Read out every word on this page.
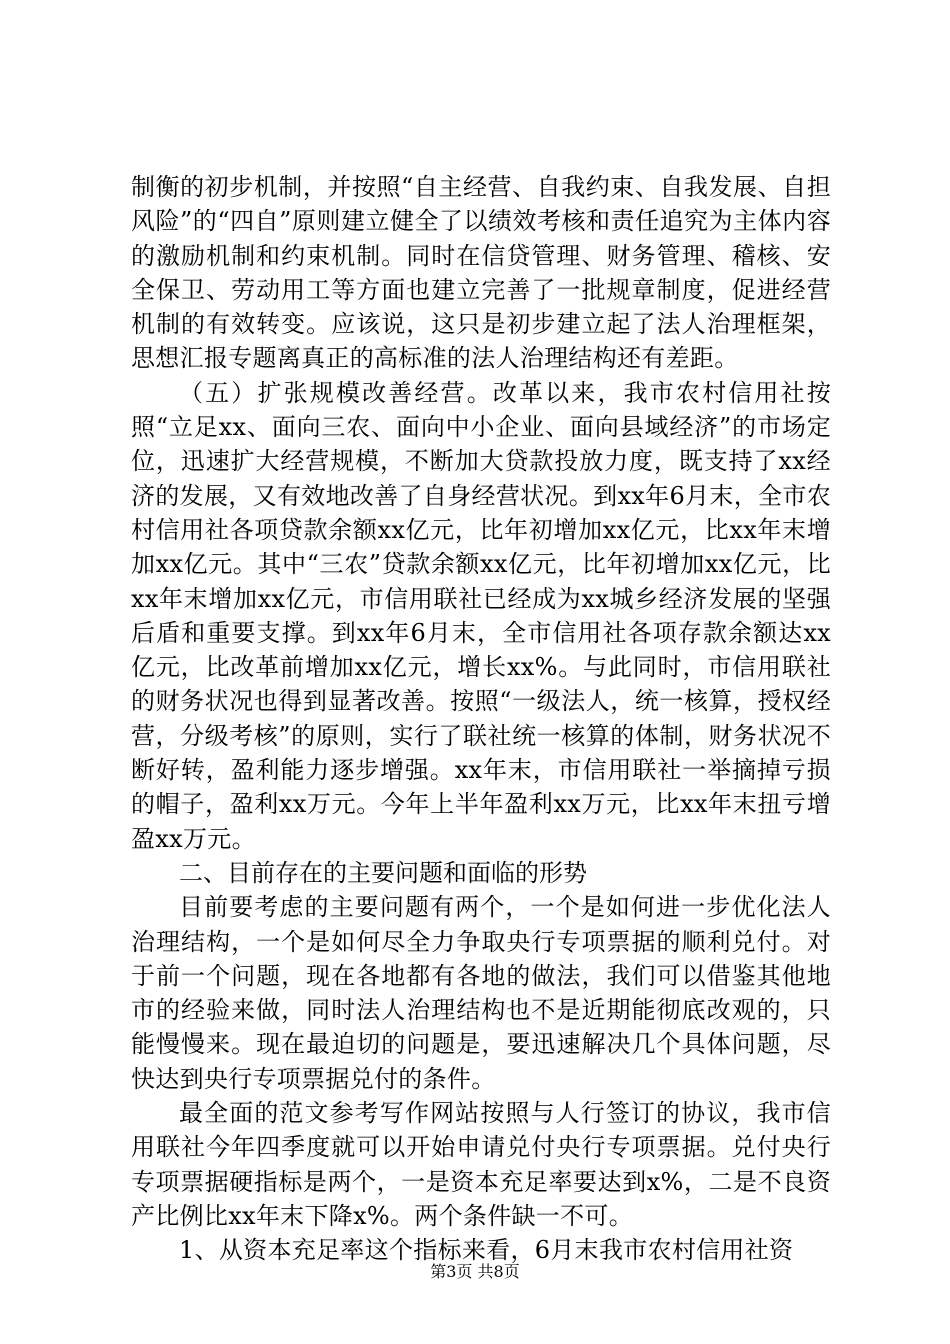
制衡的初步机制，并按照“自主经营、自我约束、自我发展、自担风险”的“四自”原则建立健全了以绩效考核和责任追究为主体内容的激励机制和约束机制。同时在信贷管理、财务管理、稽核、安全保卫、劳动用工等方面也建立完善了一批规章制度，促进经营机制的有效转变。应该说，这只是初步建立起了法人治理框架，思想汇报专题离真正的高标准的法人治理结构还有差距。

（五）扩张规模改善经营。改革以来，我市农村信用社按照“立足xx、面向三农、面向中小企业、面向县域经济”的市场定位，迅速扩大经营规模，不断加大贷款投放力度，既支持了xx经济的发展，又有效地改善了自身经营状况。到xx年6月末，全市农村信用社各项贷款余额xx亿元，比年初增加xx亿元，比xx年末增加xx亿元。其中“三农”贷款余额xx亿元，比年初增加xx亿元，比xx年末增加xx亿元，市信用联社已经成为xx城乡经济发展的坚强后盾和重要支撑。到xx年6月末，全市信用社各项存款余额达xx亿元，比改革前增加xx亿元，增长xx%。与此同时，市信用联社的财务状况也得到显著改善。按照“一级法人，统一核算，授权经营，分级考核”的原则，实行了联社统一核算的体制，财务状况不断好转，盈利能力逐步增强。xx年末，市信用联社一举摘掉亏损的帽子，盈利xx万元。今年上半年盈利xx万元，比xx年末扭亏增盈xx万元。

二、目前存在的主要问题和面临的形势

目前要考虑的主要问题有两个，一个是如何进一步优化法人治理结构，一个是如何尽全力争取央行专项票据的顺利兑付。对于前一个问题，现在各地都有各地的做法，我们可以借鉴其他地市的经验来做，同时法人治理结构也不是近期能彻底改观的，只能慢慢来。现在最迫切的问题是，要迅速解决几个具体问题，尽快达到央行专项票据兑付的条件。

最全面的范文参考写作网站按照与人行签订的协议，我市信用联社今年四季度就可以开始申请兑付央行专项票据。兑付央行专项票据硬指标是两个，一是资本充足率要达到x%，二是不良资产比例比xx年末下降x%。两个条件缺一不可。

1、从资本充足率这个指标来看，6月末我市农村信用社资

第3页 共8页
